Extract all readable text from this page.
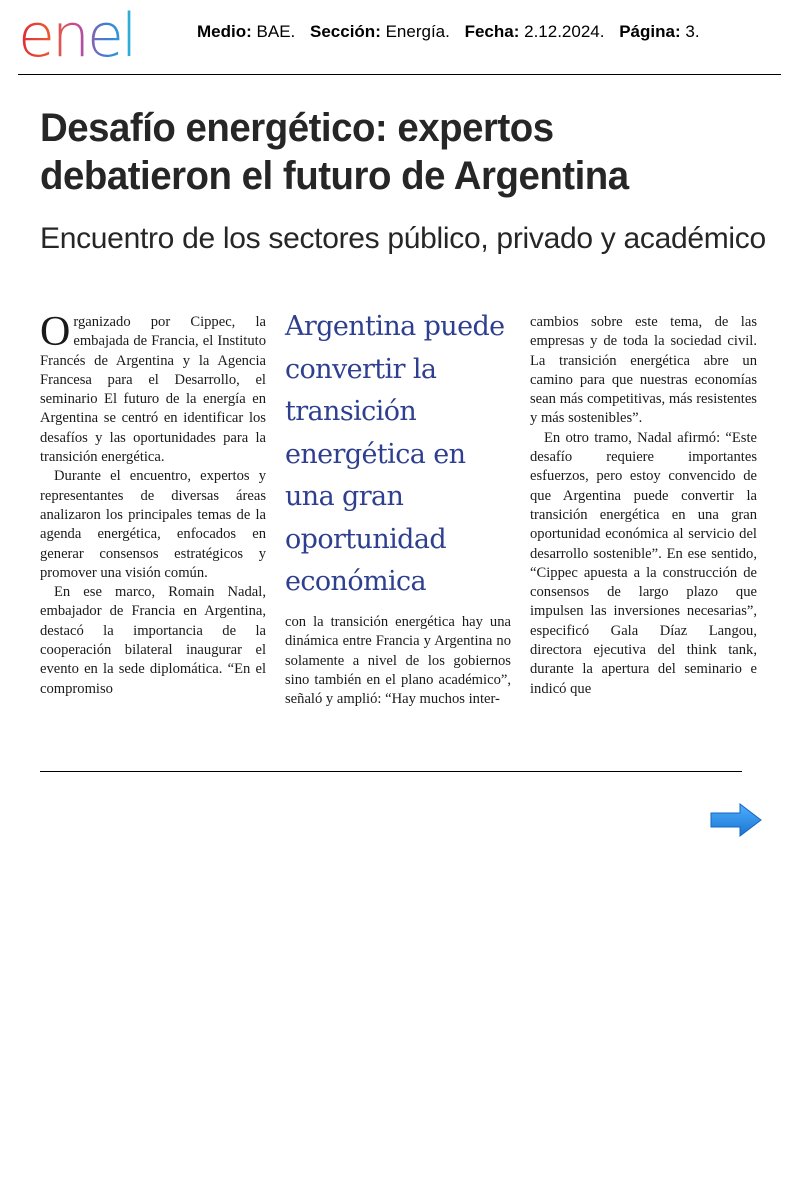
enel	Medio: BAE. Sección: Energía. Fecha: 2.12.2024. Página: 3.
Desafío energético: expertos debatieron el futuro de Argentina
Encuentro de los sectores público, privado y académico

Organizado por Cippec, la embajada de Francia, el Instituto Francés de Argentina y la Agencia Francesa para el Desarrollo, el seminario El futuro de la energía en Argentina se centró en identificar los desafíos y las oportunidades para la transición energética.

Durante el encuentro, expertos y representantes de diversas áreas analizaron los principales temas de la agenda energética, enfocados en generar consensos estratégicos y promover una visión común.

En ese marco, Romain Nadal, embajador de Francia en Argentina, destacó la importancia de la cooperación bilateral inaugurar el evento en la sede diplomática. “En el compromiso

Argentina puede convertir la transición energética en una gran oportunidad económica

con la transición energética hay una dinámica entre Francia y Argentina no solamente a nivel de los gobiernos sino también en el plano académico”, señaló y amplió: “Hay muchos inter-

cambios sobre este tema, de las empresas y de toda la sociedad civil. La transición energética abre un camino para que nuestras economías sean más competitivas, más resistentes y más sostenibles”.

En otro tramo, Nadal afirmó: “Este desafío requiere importantes esfuerzos, pero estoy convencido de que Argentina puede convertir la transición energética en una gran oportunidad económica al servicio del desarrollo sostenible”. En ese sentido, “Cippec apuesta a la construcción de consensos de largo plazo que impulsen las inversiones necesarias”, especificó Gala Díaz Langou, directora ejecutiva del think tank, durante la apertura del seminario e indicó que
